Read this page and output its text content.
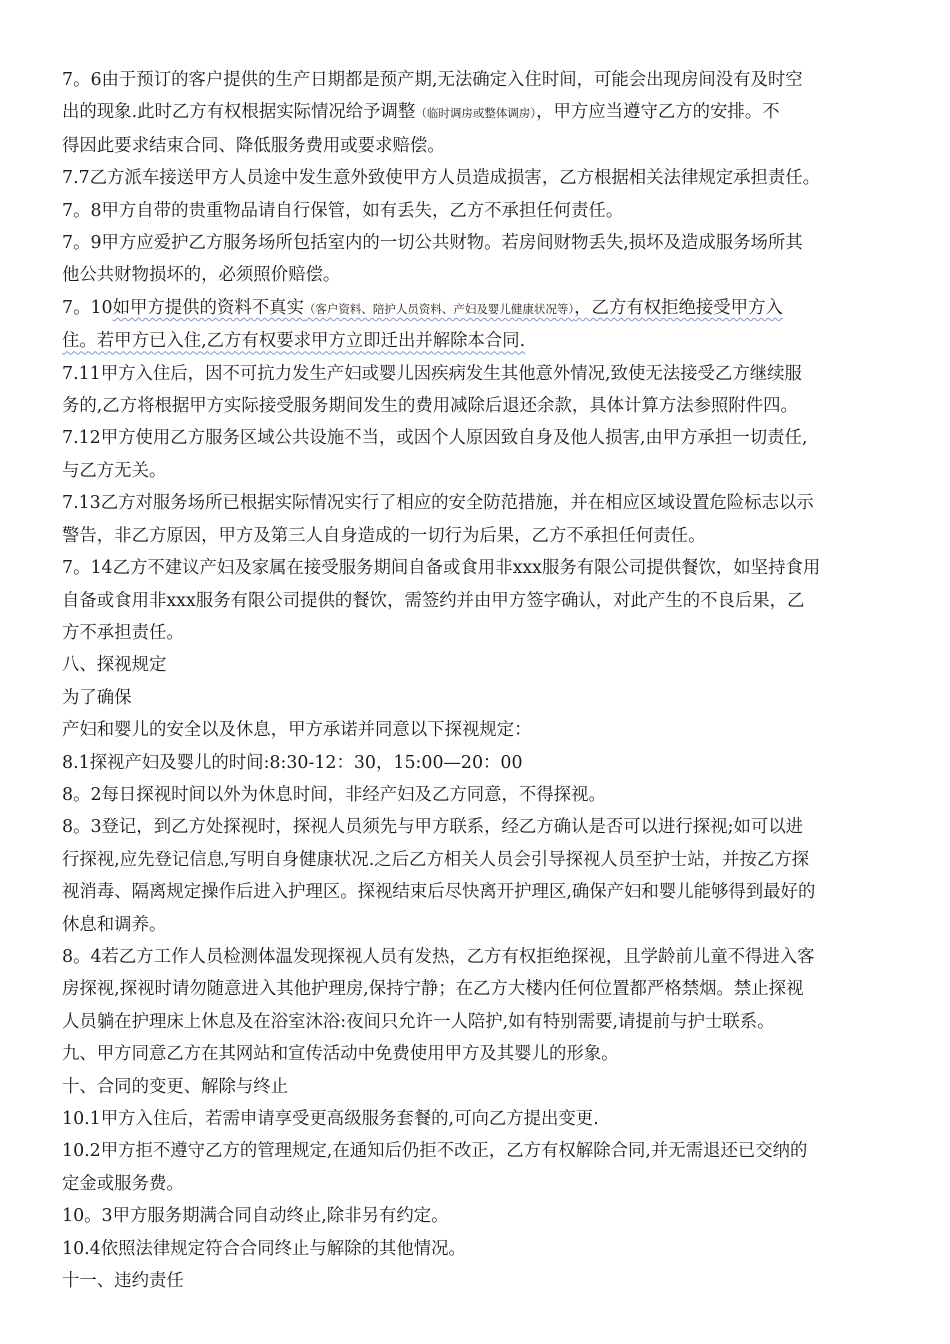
7。6由于预订的客户提供的生产日期都是预产期,无法确定入住时间，可能会出现房间没有及时空
出的现象.此时乙方有权根据实际情况给予调整（临时调房或整体调房），甲方应当遵守乙方的安排。不
得因此要求结束合同、降低服务费用或要求赔偿。
7.7乙方派车接送甲方人员途中发生意外致使甲方人员造成损害，乙方根据相关法律规定承担责任。
7。8甲方自带的贵重物品请自行保管，如有丢失，乙方不承担任何责任。
7。9甲方应爱护乙方服务场所包括室内的一切公共财物。若房间财物丢失,损坏及造成服务场所其
他公共财物损坏的，必须照价赔偿。
7。10如甲方提供的资料不真实（客户资料、陪护人员资料、产妇及婴儿健康状况等），乙方有权拒绝接受甲方入
住。若甲方已入住,乙方有权要求甲方立即迁出并解除本合同.
7.11甲方入住后，因不可抗力发生产妇或婴儿因疾病发生其他意外情况,致使无法接受乙方继续服
务的,乙方将根据甲方实际接受服务期间发生的费用减除后退还余款，具体计算方法参照附件四。
7.12甲方使用乙方服务区域公共设施不当，或因个人原因致自身及他人损害,由甲方承担一切责任,
与乙方无关。
7.13乙方对服务场所已根据实际情况实行了相应的安全防范措施，并在相应区域设置危险标志以示
警告，非乙方原因，甲方及第三人自身造成的一切行为后果，乙方不承担任何责任。
7。14乙方不建议产妇及家属在接受服务期间自备或食用非xxx服务有限公司提供餐饮，如坚持食用
自备或食用非xxx服务有限公司提供的餐饮，需签约并由甲方签字确认，对此产生的不良后果，乙
方不承担责任。
八、探视规定
为了确保
产妇和婴儿的安全以及休息，甲方承诺并同意以下探视规定：
8.1探视产妇及婴儿的时间:8:30-12：30，15:00—20：00
8。2每日探视时间以外为休息时间，非经产妇及乙方同意，不得探视。
8。3登记，到乙方处探视时，探视人员须先与甲方联系，经乙方确认是否可以进行探视;如可以进
行探视,应先登记信息,写明自身健康状况.之后乙方相关人员会引导探视人员至护士站，并按乙方探
视消毒、隔离规定操作后进入护理区。探视结束后尽快离开护理区,确保产妇和婴儿能够得到最好的
休息和调养。
8。4若乙方工作人员检测体温发现探视人员有发热，乙方有权拒绝探视，且学龄前儿童不得进入客
房探视,探视时请勿随意进入其他护理房,保持宁静；在乙方大楼内任何位置都严格禁烟。禁止探视
人员躺在护理床上休息及在浴室沐浴:夜间只允许一人陪护,如有特别需要,请提前与护士联系。
九、甲方同意乙方在其网站和宣传活动中免费使用甲方及其婴儿的形象。
十、合同的变更、解除与终止
10.1甲方入住后，若需申请享受更高级服务套餐的,可向乙方提出变更.
10.2甲方拒不遵守乙方的管理规定,在通知后仍拒不改正，乙方有权解除合同,并无需退还已交纳的
定金或服务费。
10。3甲方服务期满合同自动终止,除非另有约定。
10.4依照法律规定符合合同终止与解除的其他情况。
十一、违约责任
